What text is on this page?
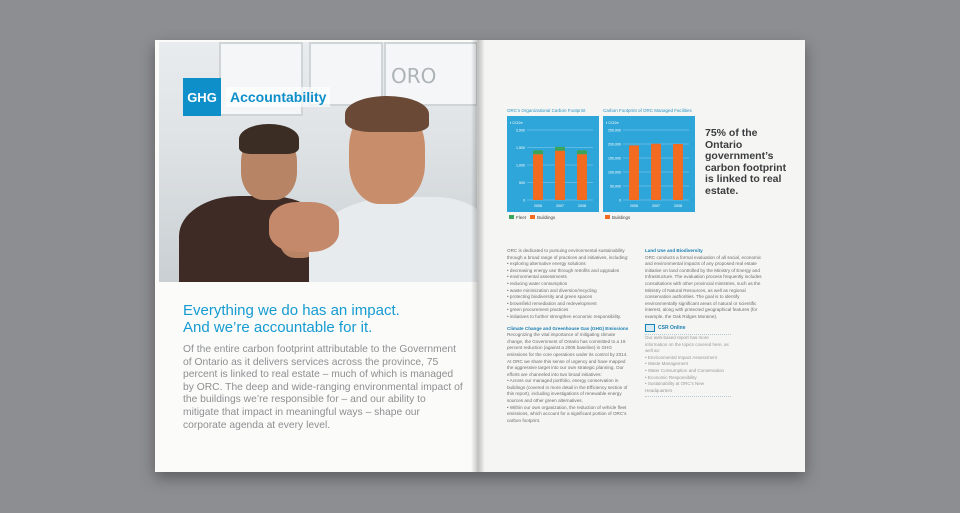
ORO
GHG Accountability
Everything we do has an impact.
And we’re accountable for it.
Of the entire carbon footprint attributable to the Government of Ontario as it delivers services across the province, 75 percent is linked to real estate – much of which is managed by ORC. The deep and wide-ranging environmental impact of the buildings we’re responsible for – and our ability to mitigate that impact in meaningful ways – shape our corporate agenda at every level.
ORC’s Organizational Carbon Footprint
t CO2e
0
500
1,000
1,500
2,000
2006	2007	2008
Fleet	Buildings
Carbon Footprint of ORC Managed Facilities
t CO2e
0
50,000
100,000
150,000
200,000
250,000
2006	2007	2008
Buildings
75% of the Ontario government’s carbon footprint is linked to real estate.

ORC is dedicated to pursuing environmental sustainability through a broad range of practices and initiatives, including:

• exploring alternative energy solutions
• decreasing energy use through retrofits and upgrades
• environmental assessments
• reducing water consumption
• waste minimization and diversion/recycling
• protecting biodiversity and green spaces
• brownfield remediation and redevelopment
• green procurement practices
• initiatives to further strengthen economic responsibility.

Climate Change and Greenhouse Gas (GHG) Emissions

Recognizing the vital importance of mitigating climate change, the Government of Ontario has committed to a 19 percent reduction (against a 2006 baseline) in GHG emissions for the core operations under its control by 2014. At ORC we share this sense of urgency and have mapped the aggressive target into our own strategic planning. Our efforts are channeled into two broad initiatives:

• Across our managed portfolio, energy conservation in buildings (covered in more detail in the Efficiency section of this report), including investigations of renewable energy sources and other green alternatives.
• Within our own organization, the reduction of vehicle fleet emissions, which account for a significant portion of ORC’s carbon footprint.

Land Use and Biodiversity

ORC conducts a formal evaluation of all social, economic and environmental impacts of any proposed real estate initiative on land controlled by the Ministry of Energy and Infrastructure. The evaluation process frequently includes consultations with other provincial ministries, such as the Ministry of Natural Resources, as well as regional conservation authorities. The goal is to identify environmentally significant areas of natural or scientific interest, along with protected geographical features (for example, the Oak Ridges Moraine).

CSR Online
Our web-based report has more information on the topics covered here, as well as:
• Environmental Impact Assessment
• Waste Management
• Water Consumption and Conservation
• Economic Responsibility
• Sustainability at ORC’s New Headquarters
